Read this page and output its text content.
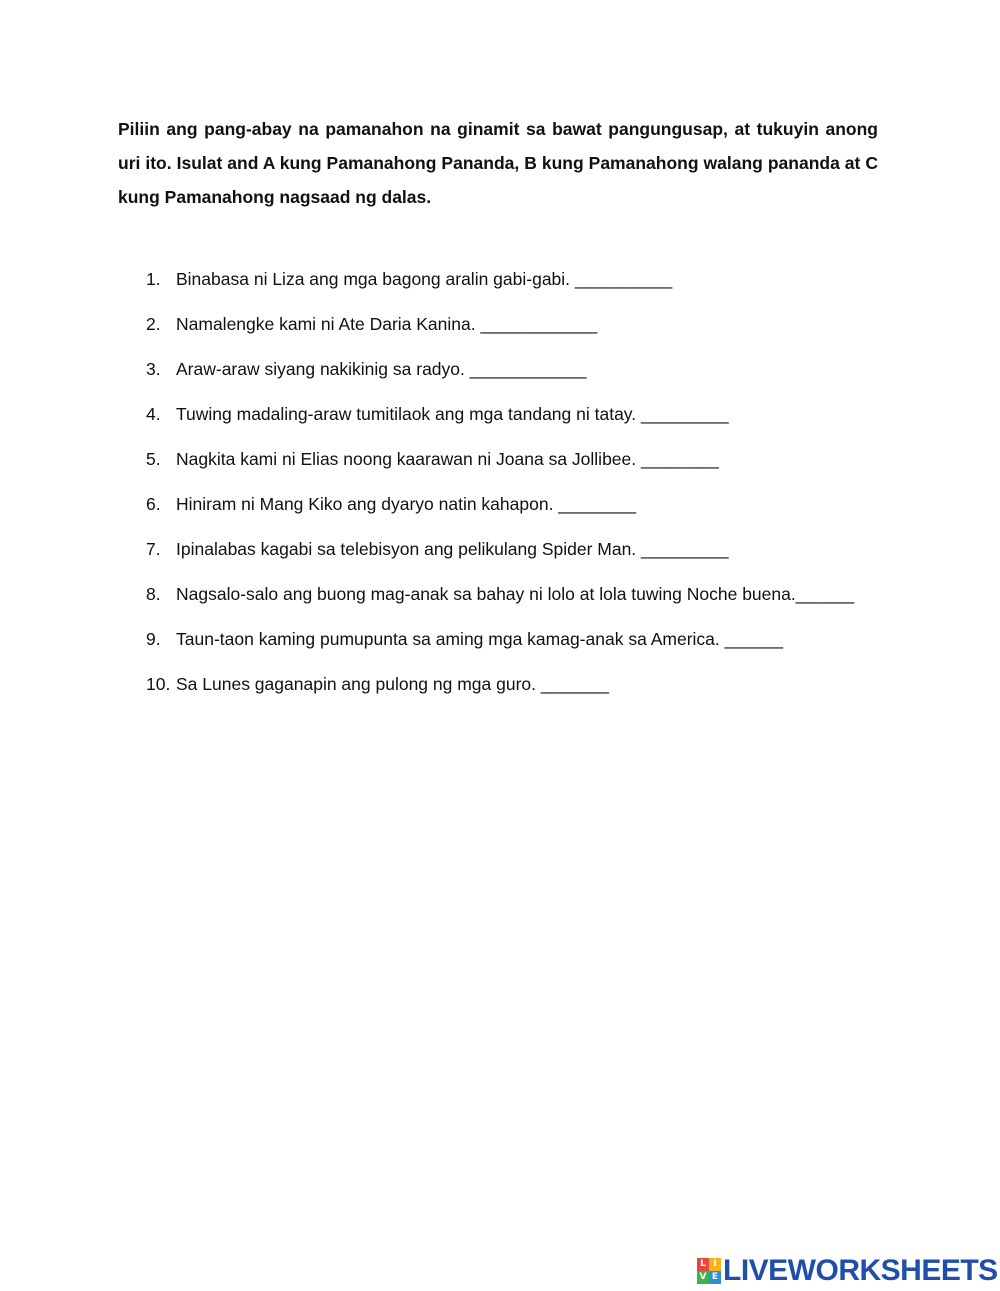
Piliin ang pang-abay na pamanahon na ginamit sa bawat pangungusap, at tukuyin anong uri ito. Isulat and A kung Pamanahong Pananda, B kung Pamanahong walang pananda at C kung Pamanahong nagsaad ng dalas.
1. Binabasa ni Liza ang mga bagong aralin gabi-gabi. __________
2. Namalengke kami ni Ate Daria Kanina. ____________
3. Araw-araw siyang nakikinig sa radyo. ____________
4. Tuwing madaling-araw tumitilaok ang mga tandang ni tatay. _________
5. Nagkita kami ni Elias noong kaarawan ni Joana sa Jollibee. ________
6. Hiniram ni Mang Kiko ang dyaryo natin kahapon. ________
7. Ipinalabas kagabi sa telebisyon ang pelikulang Spider Man. _________
8. Nagsalo-salo ang buong mag-anak sa bahay ni lolo at lola tuwing Noche buena.______
9. Taun-taon kaming pumupunta sa aming mga kamag-anak sa America. ______
10. Sa Lunes gaganapin ang pulong ng mga guro. _______
L I
V E LIVEWORKSHEETS
